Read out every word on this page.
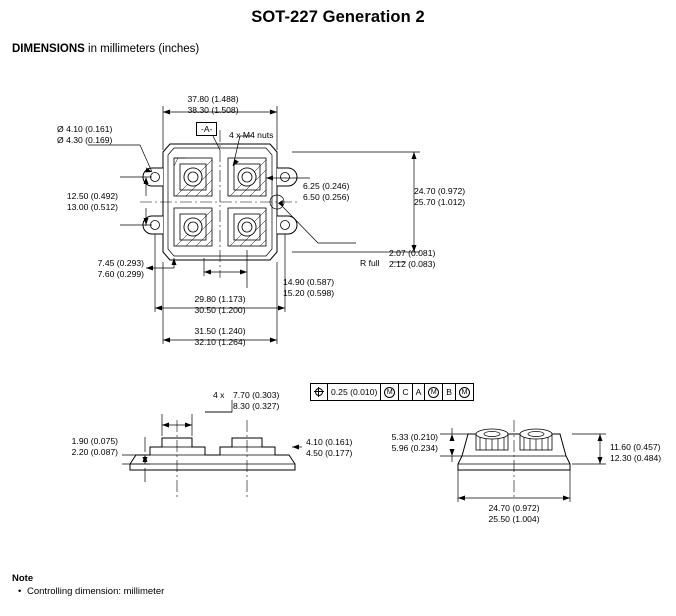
SOT-227 Generation 2
DIMENSIONS in millimeters (inches)
37.80 (1.488)
38.30 (1.508)
Ø 4.10 (0.161)
Ø 4.30 (0.169)	4 x M4 nuts
-A-
12.50 (0.492)
13.00 (0.512)
6.25 (0.246)
6.50 (0.256)
24.70 (0.972)
25.70 (1.012)
7.45 (0.293)
7.60 (0.299)
R full
2.07 (0.081)
2.12 (0.083)
14.90 (0.587)
15.20 (0.598)
29.80 (1.173)
30.50 (1.200)
31.50 (1.240)
32.10 (1.264)
1.90 (0.075)
2.20 (0.087)
4.10 (0.161)
4.50 (0.177)
4 x 7.70 (0.303)
8.30 (0.327)
0.25 (0.010)	M	C A	M	B	M
5.33 (0.210)
5.96 (0.234)	11.60 (0.457)
12.30 (0.484)
24.70 (0.972)
25.50 (1.004)
Note
• Controlling dimension: millimeter
